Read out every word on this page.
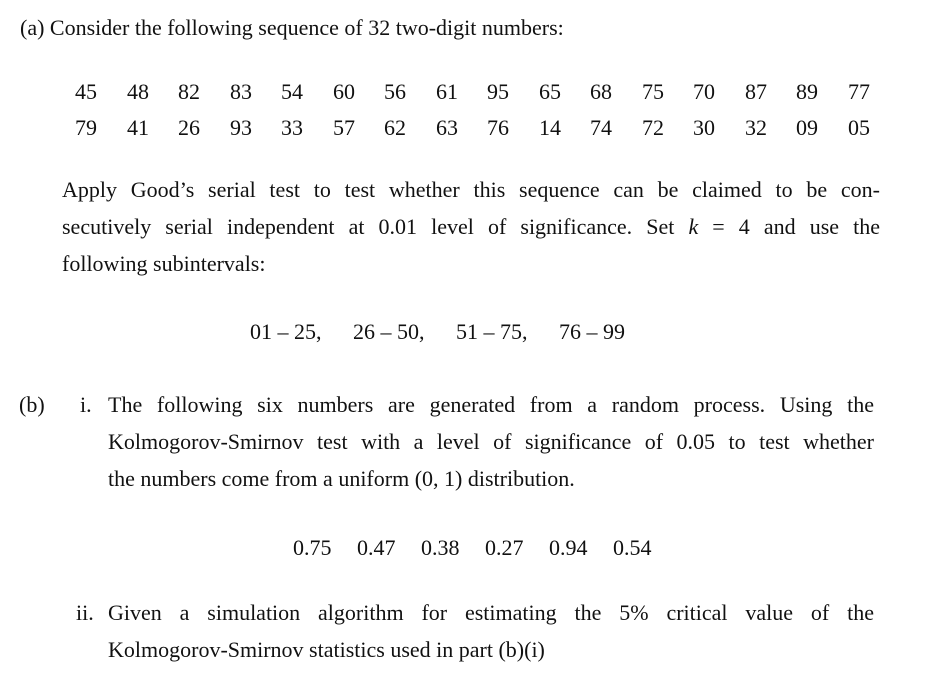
(a) Consider the following sequence of 32 two-digit numbers:
45 48 82 83 54 60 56 61 95 65 68 75 70 87 89 77
79 41 26 93 33 57 62 63 76 14 74 72 30 32 09 05
Apply Good’s serial test to test whether this sequence can be claimed to be con-
secutively serial independent at 0.01 level of significance. Set k = 4 and use the
following subintervals:
01 – 25, 26 – 50, 51 – 75, 76 – 99
(b) i. The following six numbers are generated from a random process. Using the
Kolmogorov-Smirnov test with a level of significance of 0.05 to test whether
the numbers come from a uniform (0, 1) distribution.
0.75 0.47 0.38 0.27 0.94 0.54
ii. Given a simulation algorithm for estimating the 5% critical value of the
Kolmogorov-Smirnov statistics used in part (b)(i)
